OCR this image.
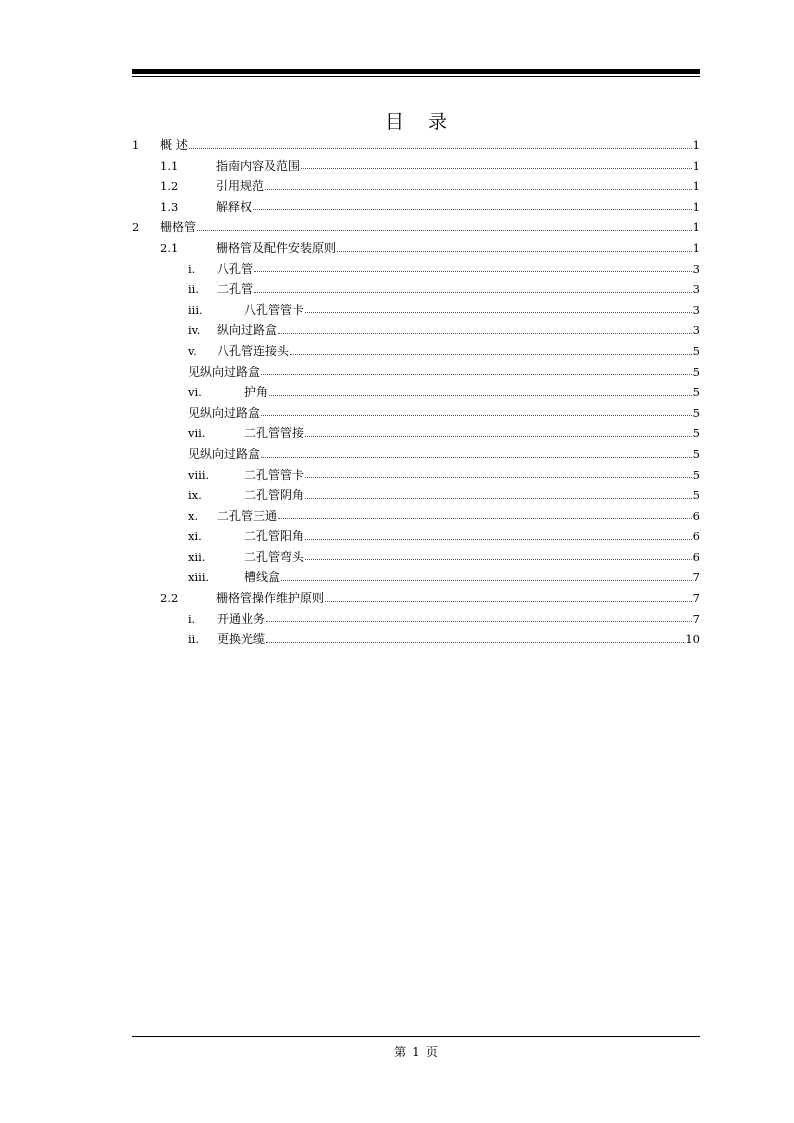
目 录
1	概 述	1
1.1	指南内容及范围	1
1.2	引用规范	1
1.3	解释权	1
2	栅格管	1
2.1	栅格管及配件安装原则	1
i.	八孔管	3
ii.	二孔管	3
iii.	八孔管管卡	3
iv.	纵向过路盒	3
v.	八孔管连接头	5
见纵向过路盒	5
vi.	护角	5
见纵向过路盒	5
vii.	二孔管管接	5
见纵向过路盒	5
viii.	二孔管管卡	5
ix.	二孔管阴角	5
x.	二孔管三通	6
xi.	二孔管阳角	6
xii.	二孔管弯头	6
xiii.	槽线盒	7
2.2	栅格管操作维护原则	7
i.	开通业务	7
ii.	更换光缆	10
第 1 页
